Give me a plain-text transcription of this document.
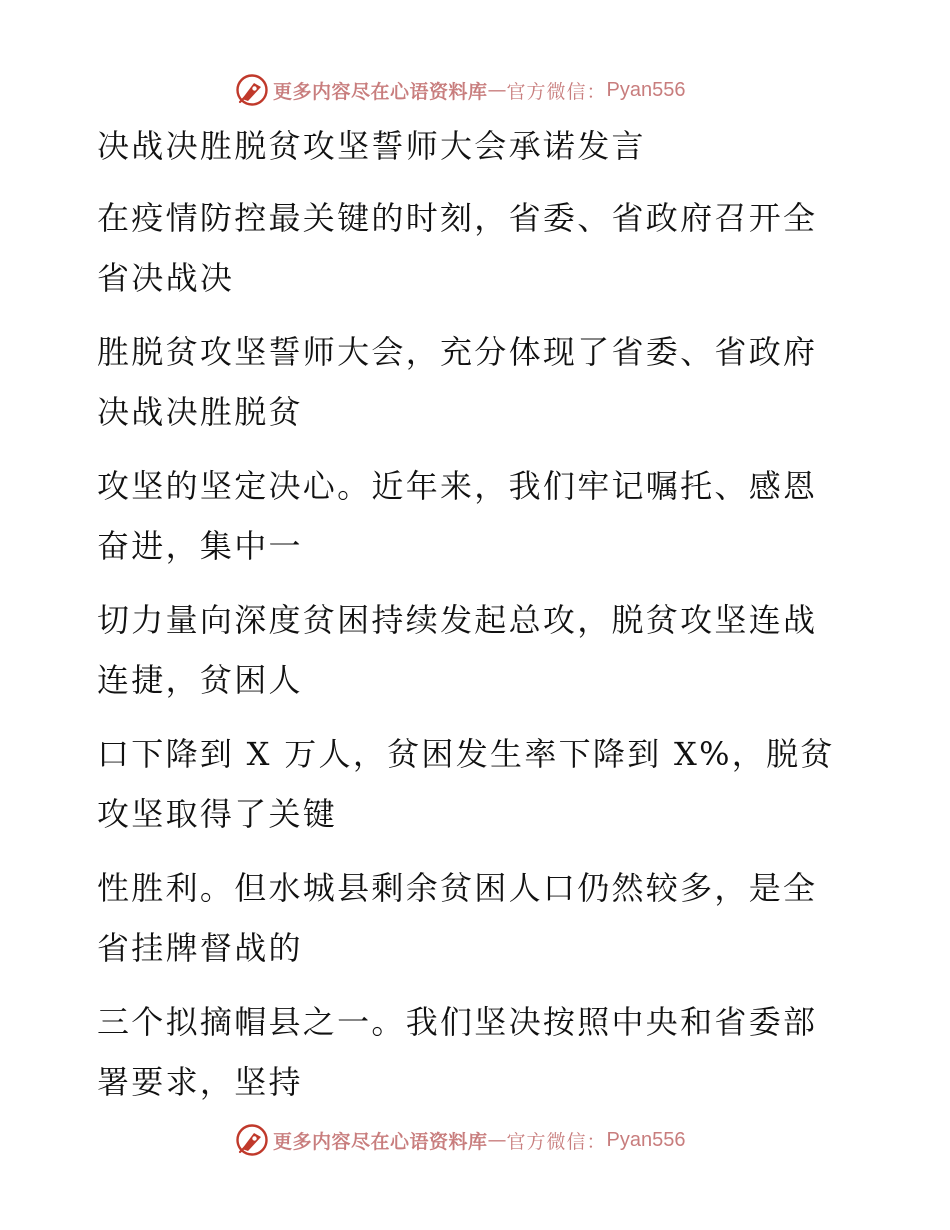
更多内容尽在心语资料库 — 官方微信： Pyan556
决战决胜脱贫攻坚誓师大会承诺发言
在疫情防控最关键的时刻，省委、省政府召开全
省决战决
胜脱贫攻坚誓师大会，充分体现了省委、省政府
决战决胜脱贫
攻坚的坚定决心。近年来，我们牢记嘱托、感恩
奋进，集中一
切力量向深度贫困持续发起总攻，脱贫攻坚连战
连捷，贫困人
口下降到 X 万人，贫困发生率下降到 X%，脱贫
攻坚取得了关键
性胜利。但水城县剩余贫困人口仍然较多，是全
省挂牌督战的
三个拟摘帽县之一。我们坚决按照中央和省委部
署要求，坚持
更多内容尽在心语资料库 — 官方微信： Pyan556
